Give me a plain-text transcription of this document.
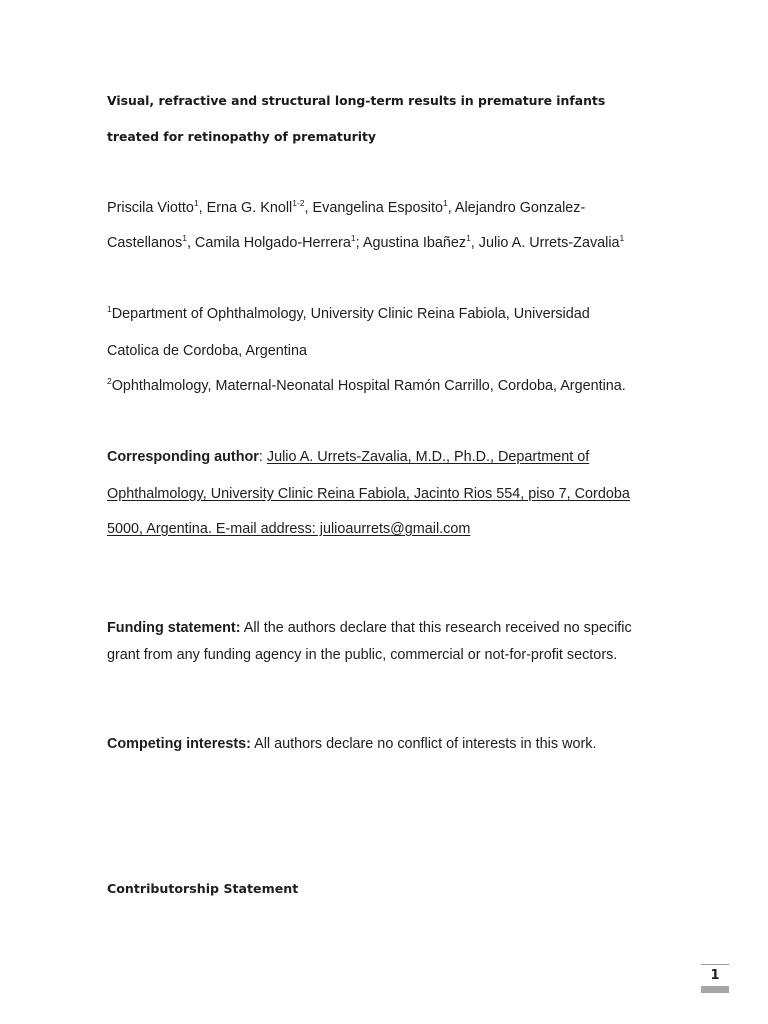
Visual, refractive and structural long-term results in premature infants
treated for retinopathy of prematurity
Priscila Viotto$^1$, Erna G. Knoll$^{1-2}$, Evangelina Esposito$^1$, Alejandro Gonzalez-
Castellanos$^1$, Camila Holgado-Herrera$^1$; Agustina Ibañez$^1$, Julio A. Urrets-Zavalia$^1$
$^1$Department of Ophthalmology, University Clinic Reina Fabiola, Universidad
Catolica de Cordoba, Argentina
$^2$Ophthalmology, Maternal-Neonatal Hospital Ramón Carrillo, Cordoba, Argentina.
Corresponding author: Julio A. Urrets-Zavalia, M.D., Ph.D., Department of
Ophthalmology, University Clinic Reina Fabiola, Jacinto Rios 554, piso 7, Cordoba
5000, Argentina. E-mail address: julioaurrets@gmail.com
Funding statement: All the authors declare that this research received no specific
grant from any funding agency in the public, commercial or not-for-profit sectors.
Competing interests: All authors declare no conflict of interests in this work.
Contributorship Statement
1
